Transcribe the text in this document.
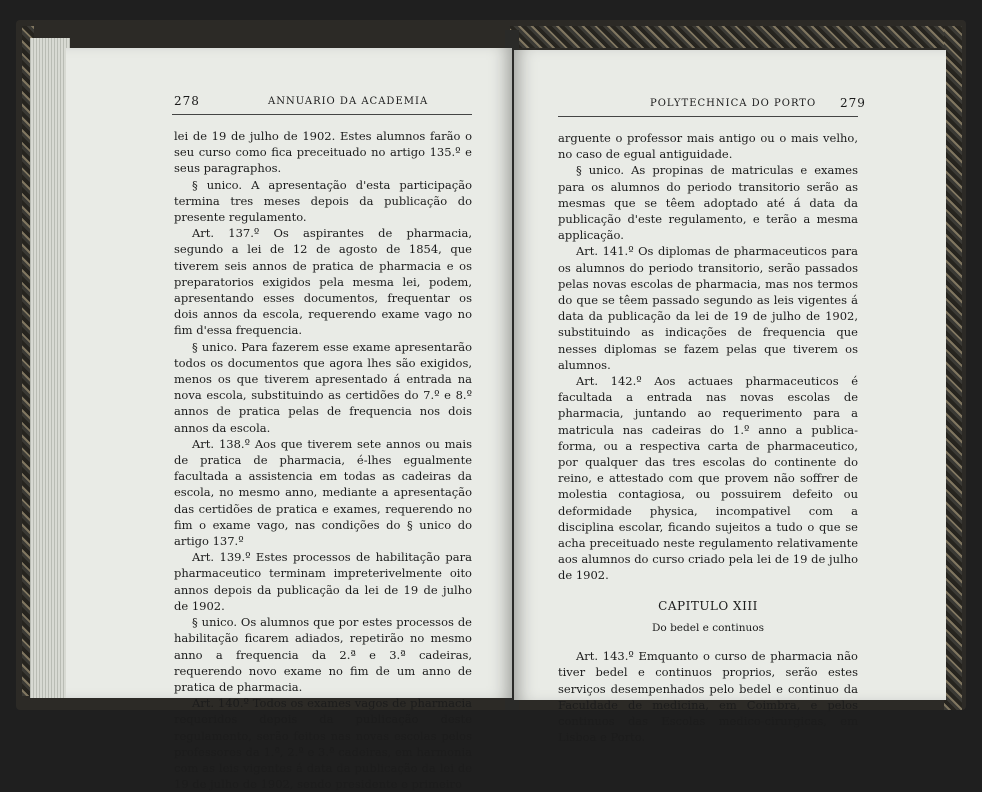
278	ANNUARIO DA ACADEMIA

lei de 19 de julho de 1902. Estes alumnos farão o seu curso como fica preceituado no artigo 135.º e seus paragraphos.

§ unico. A apresentação d'esta participação termina tres meses depois da publicação do presente regulamento.

Art. 137.º Os aspirantes de pharmacia, segundo a lei de 12 de agosto de 1854, que tiverem seis annos de pratica de pharmacia e os preparatorios exigidos pela mesma lei, podem, apresentando esses documentos, frequentar os dois annos da escola, requerendo exame vago no fim d'essa frequencia.

§ unico. Para fazerem esse exame apresentarão todos os documentos que agora lhes são exigidos, menos os que tiverem apresentado á entrada na nova escola, substituindo as certidões do 7.º e 8.º annos de pratica pelas de frequencia nos dois annos da escola.

Art. 138.º Aos que tiverem sete annos ou mais de pratica de pharmacia, é-lhes egualmente facultada a assistencia em todas as cadeiras da escola, no mesmo anno, mediante a apresentação das certidões de pratica e exames, requerendo no fim o exame vago, nas condições do § unico do artigo 137.º

Art. 139.º Estes processos de habilitação para pharmaceutico terminam impreterivelmente oito annos depois da publicação da lei de 19 de julho de 1902.

§ unico. Os alumnos que por estes processos de habilitação ficarem adiados, repetirão no mesmo anno a frequencia da 2.ª e 3.ª cadeiras, requerendo novo exame no fim de um anno de pratica de pharmacia.

Art. 140.º Todos os exames vagos de pharmacia requeridos depois da publicação deste regulamento, serão feitos nas novas escolas pelos professores da 1.ª, 2.ª e 3.ª cadeiras, em harmonia com as leis vigentes á data da publicação da lei de 19 de julho de 1902, sendo presidente e primeiro

POLYTECHNICA DO PORTO 279

arguente o professor mais antigo ou o mais velho, no caso de egual antiguidade.

§ unico. As propinas de matriculas e exames para os alumnos do periodo transitorio serão as mesmas que se têem adoptado até á data da publicação d'este regulamento, e terão a mesma applicação.

Art. 141.º Os diplomas de pharmaceuticos para os alumnos do periodo transitorio, serão passados pelas novas escolas de pharmacia, mas nos termos do que se têem passado segundo as leis vigentes á data da publicação da lei de 19 de julho de 1902, substituindo as indicações de frequencia que nesses diplomas se fazem pelas que tiverem os alumnos.

Art. 142.º Aos actuaes pharmaceuticos é facultada a entrada nas novas escolas de pharmacia, juntando ao requerimento para a matricula nas cadeiras do 1.º anno a publica-forma, ou a respectiva carta de pharmaceutico, por qualquer das tres escolas do continente do reino, e attestado com que provem não soffrer de molestia contagiosa, ou possuirem defeito ou deformidade physica, incompativel com a disciplina escolar, ficando sujeitos a tudo o que se acha preceituado neste regulamento relativamente aos alumnos do curso criado pela lei de 19 de julho de 1902.

CAPITULO XIII
Do bedel e continuos

Art. 143.º Emquanto o curso de pharmacia não tiver bedel e continuos proprios, serão estes serviços desempenhados pelo bedel e continuo da Faculdade de medicina, em Coimbra, e pelos continuos das Escolas medico-cirurgicas, em Lisboa e Porto.
